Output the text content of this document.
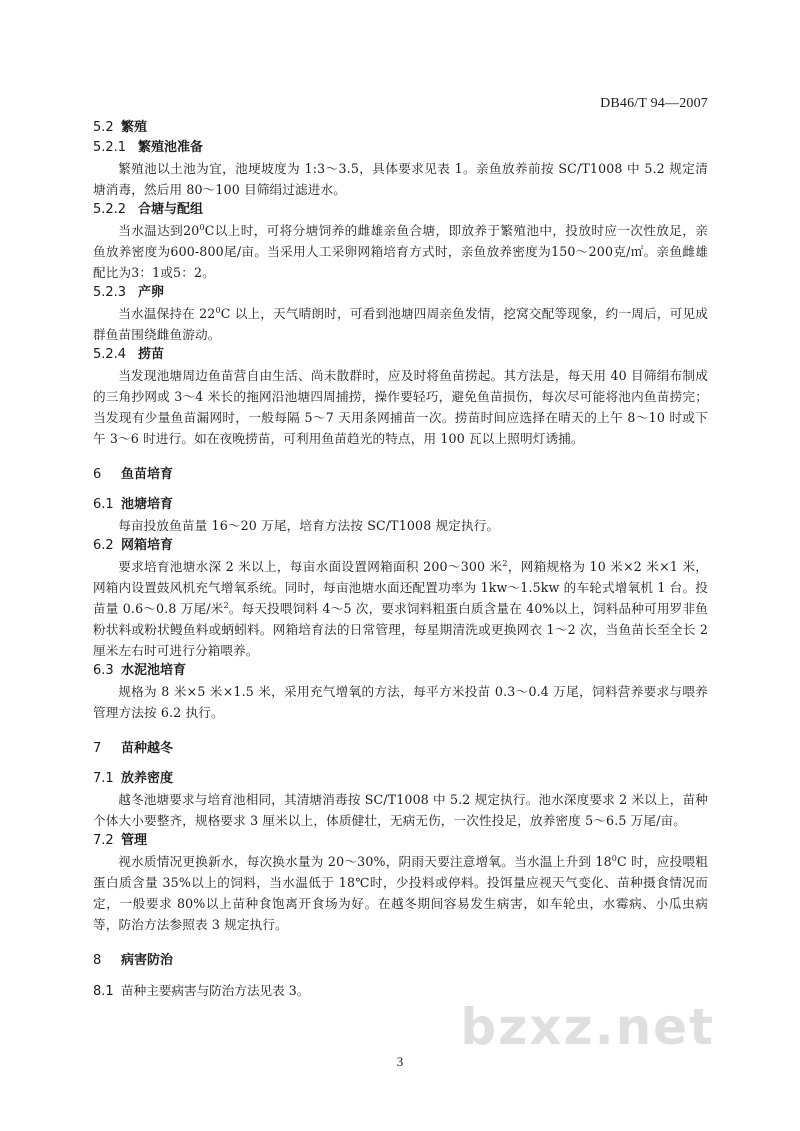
DB46/T 94—2007
5.2 繁殖
5.2.1 繁殖池准备
繁殖池以土池为宜，池埂坡度为 1:3～3.5，具体要求见表 1。亲鱼放养前按 SC/T1008 中 5.2 规定清塘消毒，然后用 80～100 目筛绢过滤进水。
5.2.2 合塘与配组
当水温达到$20^0C$以上时，可将分塘饲养的雌雄亲鱼合塘，即放养于繁殖池中，投放时应一次性放足，亲鱼放养密度为600-800尾/亩。当采用人工采卵网箱培育方式时，亲鱼放养密度为150～200克/㎡。亲鱼雌雄配比为3：1或5：2。
5.2.3 产卵
当水温保持在 $22^0C$ 以上，天气晴朗时，可看到池塘四周亲鱼发情，挖窝交配等现象，约一周后，可见成群鱼苗围绕雌鱼游动。
5.2.4 捞苗
当发现池塘周边鱼苗营自由生活、尚未散群时，应及时将鱼苗捞起。其方法是，每天用 40 目筛绢布制成的三角抄网或 3～4 米长的拖网沿池塘四周捕捞，操作要轻巧，避免鱼苗损伤，每次尽可能将池内鱼苗捞完；当发现有少量鱼苗漏网时，一般每隔 5～7 天用条网捕苗一次。捞苗时间应选择在晴天的上午 8～10 时或下午 3～6 时进行。如在夜晚捞苗，可利用鱼苗趋光的特点，用 100 瓦以上照明灯诱捕。
6 鱼苗培育
6.1 池塘培育
每亩投放鱼苗量 16～20 万尾，培育方法按 SC/T1008 规定执行。
6.2 网箱培育
要求培育池塘水深 2 米以上，每亩水面设置网箱面积 200～300 米$^2$，网箱规格为 10 米×2 米×1 米，网箱内设置鼓风机充气增氧系统。同时，每亩池塘水面还配置功率为 1kw～1.5kw 的车轮式增氧机 1 台。投苗量 0.6～0.8 万尾/米$^2$。每天投喂饲料 4～5 次，要求饲料粗蛋白质含量在 40%以上，饲料品种可用罗非鱼粉状料或粉状鳗鱼料或蛃蚓料。网箱培育法的日常管理，每星期清洗或更换网衣 1～2 次，当鱼苗长至全长 2 厘米左右时可进行分箱喂养。
6.3 水泥池培育
规格为 8 米×5 米×1.5 米，采用充气增氧的方法，每平方米投苗 0.3～0.4 万尾，饲料营养要求与喂养管理方法按 6.2 执行。
7 苗种越冬
7.1 放养密度
越冬池塘要求与培育池相同，其清塘消毒按 SC/T1008 中 5.2 规定执行。池水深度要求 2 米以上，苗种个体大小要整齐，规格要求 3 厘米以上，体质健壮，无病无伤，一次性投足，放养密度 5～6.5 万尾/亩。
7.2 管理
视水质情况更换新水，每次换水量为 20～30%，阴雨天要注意增氧。当水温上升到 $18^0C$ 时，应投喂粗蛋白质含量 35%以上的饲料，当水温低于 18℃时，少投料或停料。投饵量应视天气变化、苗种摄食情况而定，一般要求 80%以上苗种食饱离开食场为好。在越冬期间容易发生病害，如车轮虫，水霉病、小瓜虫病等，防治方法参照表 3 规定执行。
8 病害防治
8.1 苗种主要病害与防治方法见表 3。
bzxz.net
3
